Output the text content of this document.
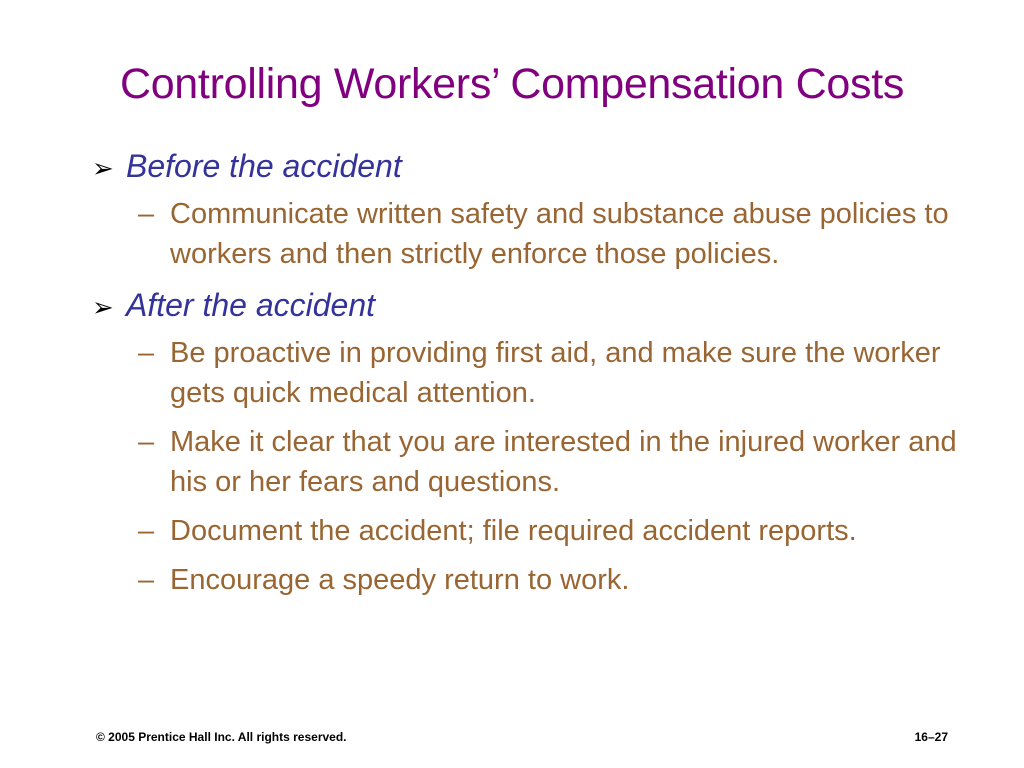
Controlling Workers’ Compensation Costs
➢ Before the accident
– Communicate written safety and substance abuse policies to workers and then strictly enforce those policies.
➢ After the accident
– Be proactive in providing first aid, and make sure the worker gets quick medical attention.
– Make it clear that you are interested in the injured worker and his or her fears and questions.
– Document the accident; file required accident reports.
– Encourage a speedy return to work.
© 2005 Prentice Hall Inc. All rights reserved.	16–27
